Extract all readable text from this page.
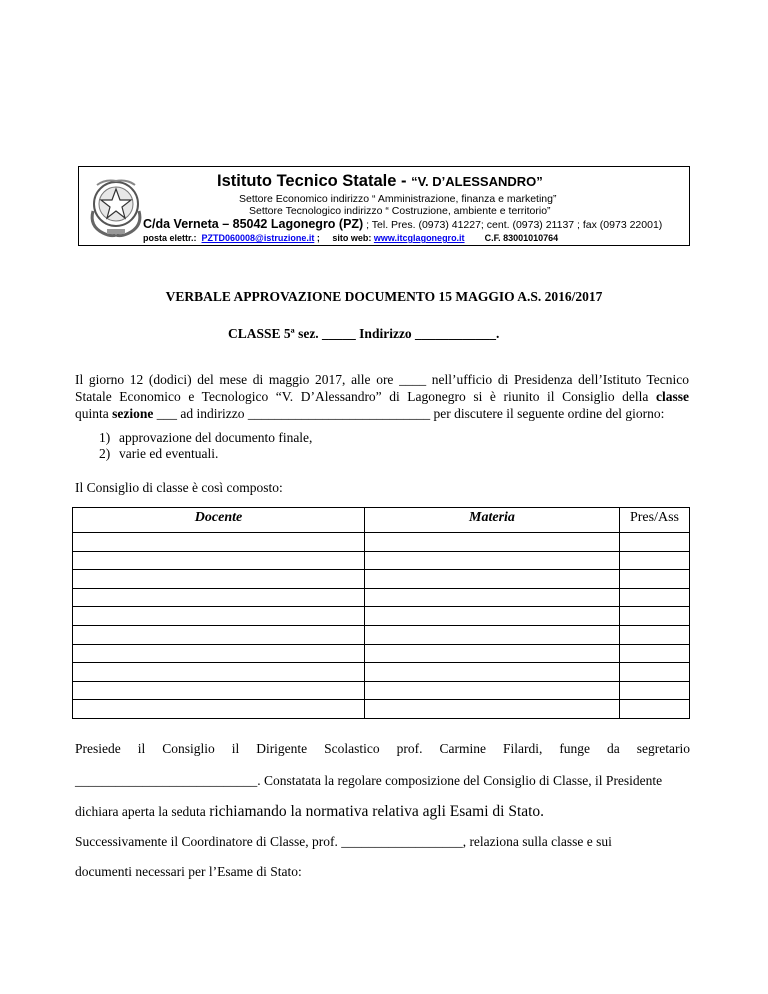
Istituto Tecnico Statale - “V. D’ALESSANDRO”
Settore Economico indirizzo “ Amministrazione, finanza e marketing”
Settore Tecnologico indirizzo “ Costruzione, ambiente e territorio”
C/da Verneta – 85042 Lagonegro (PZ) ; Tel. Pres. (0973) 41227; cent. (0973) 21137 ; fax (0973 22001)
posta elettr.: PZTD060008@istruzione.it ; sito web: www.itcglagonegro.it C.F. 83001010764
VERBALE APPROVAZIONE DOCUMENTO 15 MAGGIO A.S. 2016/2017
CLASSE 5ª sez. _____ Indirizzo ____________.
Il giorno 12 (dodici) del mese di maggio 2017, alle ore ____ nell’ufficio di Presidenza dell’Istituto Tecnico
Statale Economico e Tecnologico “V. D’Alessandro” di Lagonegro si è riunito il Consiglio della classe
quinta sezione ___ ad indirizzo ___________________________ per discutere il seguente ordine del giorno:
1) approvazione del documento finale,
2) varie ed eventuali.
Il Consiglio di classe è così composto:
Docente	Materia	Pres/Ass

Presiede il Consiglio il Dirigente Scolastico prof. Carmine Filardi, funge da segretario
___________________________. Constatata la regolare composizione del Consiglio di Classe, il Presidente
dichiara aperta la seduta richiamando la normativa relativa agli Esami di Stato.
Successivamente il Coordinatore di Classe, prof. __________________, relaziona sulla classe e sui
documenti necessari per l’Esame di Stato:
